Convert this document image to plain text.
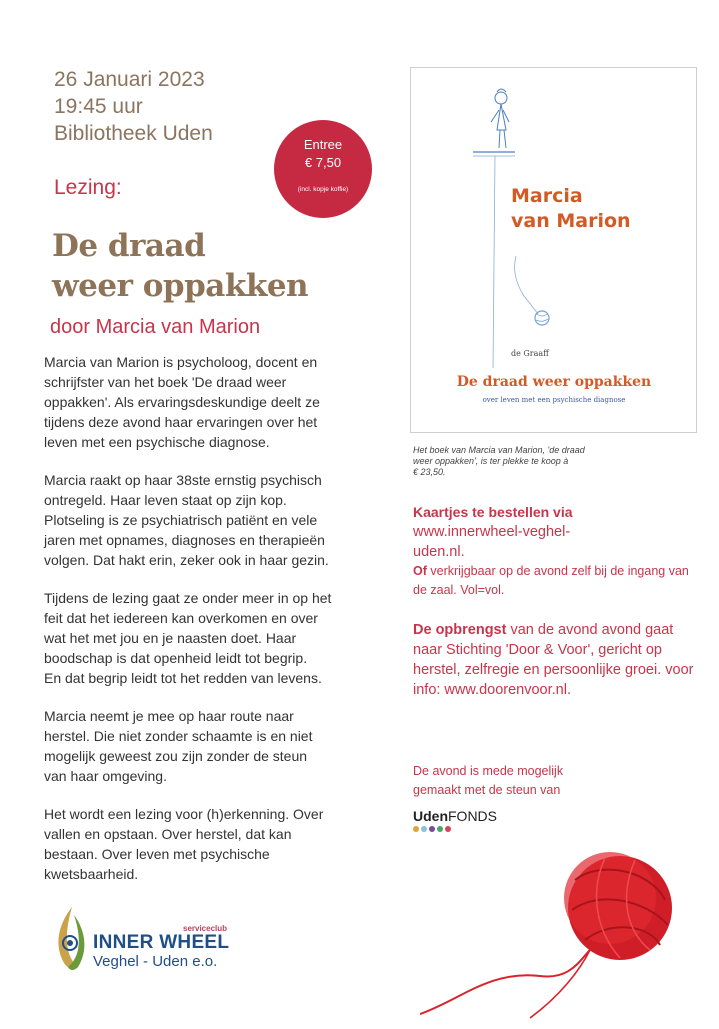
26 Januari 2023
19:45 uur
Bibliotheek Uden	Entree
€ 7,50
(incl. kopje koffie)
Lezing:
De draad
weer oppakken
door Marcia van Marion

Marcia van Marion is psycholoog, docent en
schrijfster van het boek 'De draad weer
oppakken'. Als ervaringsdeskundige deelt ze
tijdens deze avond haar ervaringen over het
leven met een psychische diagnose.

Marcia raakt op haar 38ste ernstig psychisch
ontregeld. Haar leven staat op zijn kop.
Plotseling is ze psychiatrisch patiënt en vele
jaren met opnames, diagnoses en therapieën
volgen. Dat hakt erin, zeker ook in haar gezin.

Tijdens de lezing gaat ze onder meer in op het
feit dat het iedereen kan overkomen en over
wat het met jou en je naasten doet. Haar
boodschap is dat openheid leidt tot begrip.
En dat begrip leidt tot het redden van levens.

Marcia neemt je mee op haar route naar
herstel. Die niet zonder schaamte is en niet
mogelijk geweest zou zijn zonder de steun
van haar omgeving.

Het wordt een lezing voor (h)erkenning. Over
vallen en opstaan. Over herstel, dat kan
bestaan. Over leven met psychische
kwetsbaarheid.

Marcia
van Marion
de Graaff
De draad weer oppakken
over leven met een psychische diagnose
Het boek van Marcia van Marion, 'de draad
weer oppakken', is ter plekke te koop à
€ 23,50.
Kaartjes te bestellen via
www.innerwheel-veghel-
uden.nl.
Of verkrijgbaar op de avond zelf bij de ingang van de zaal. Vol=vol.
De opbrengst van de avond avond gaat naar Stichting 'Door & Voor', gericht op herstel, zelfregie en persoonlijke groei. voor info: www.doorenvoor.nl.
De avond is mede mogelijk
gemaakt met de steun van
UdenFONDS
serviceclub
INNER WHEEL
Veghel - Uden e.o.
